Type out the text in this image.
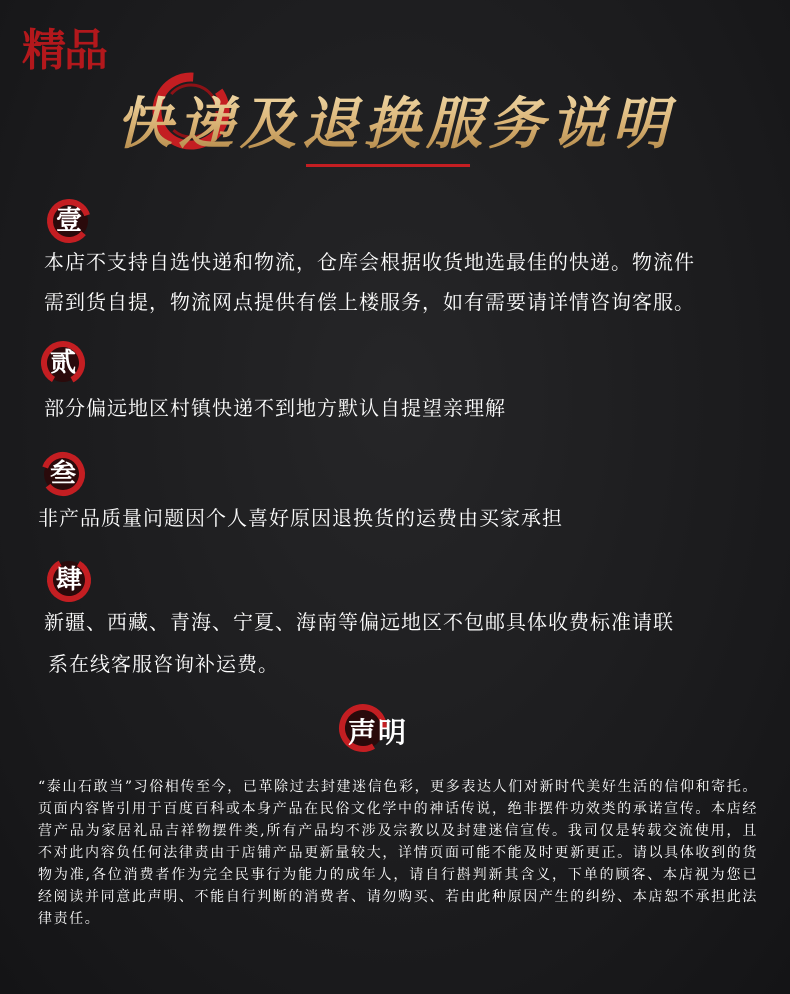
精品
快递及退换服务说明
壹
本店不支持自选快递和物流，仓库会根据收货地选最佳的快递。物流件
需到货自提，物流网点提供有偿上楼服务，如有需要请详情咨询客服。
贰
部分偏远地区村镇快递不到地方默认自提望亲理解
叁
非产品质量问题因个人喜好原因退换货的运费由买家承担
肆
新疆、西藏、青海、宁夏、海南等偏远地区不包邮具体收费标准请联
系在线客服咨询补运费。
声明
“泰山石敢当”习俗相传至今，已革除过去封建迷信色彩，更多表达人们对新时代美好生活的信仰和寄托。页面内容皆引用于百度百科或本身产品在民俗文化学中的神话传说，绝非摆件功效类的承诺宣传。本店经营产品为家居礼品吉祥物摆件类,所有产品均不涉及宗教以及封建迷信宣传。我司仅是转载交流使用，且不对此内容负任何法律责由于店铺产品更新量较大，详情页面可能不能及时更新更正。请以具体收到的货物为准,各位消费者作为完全民事行为能力的成年人，请自行斟判新其含义，下单的顾客、本店视为您已经阅读并同意此声明、不能自行判断的消费者、请勿购买、若由此种原因产生的纠纷、本店恕不承担此法律责任。
